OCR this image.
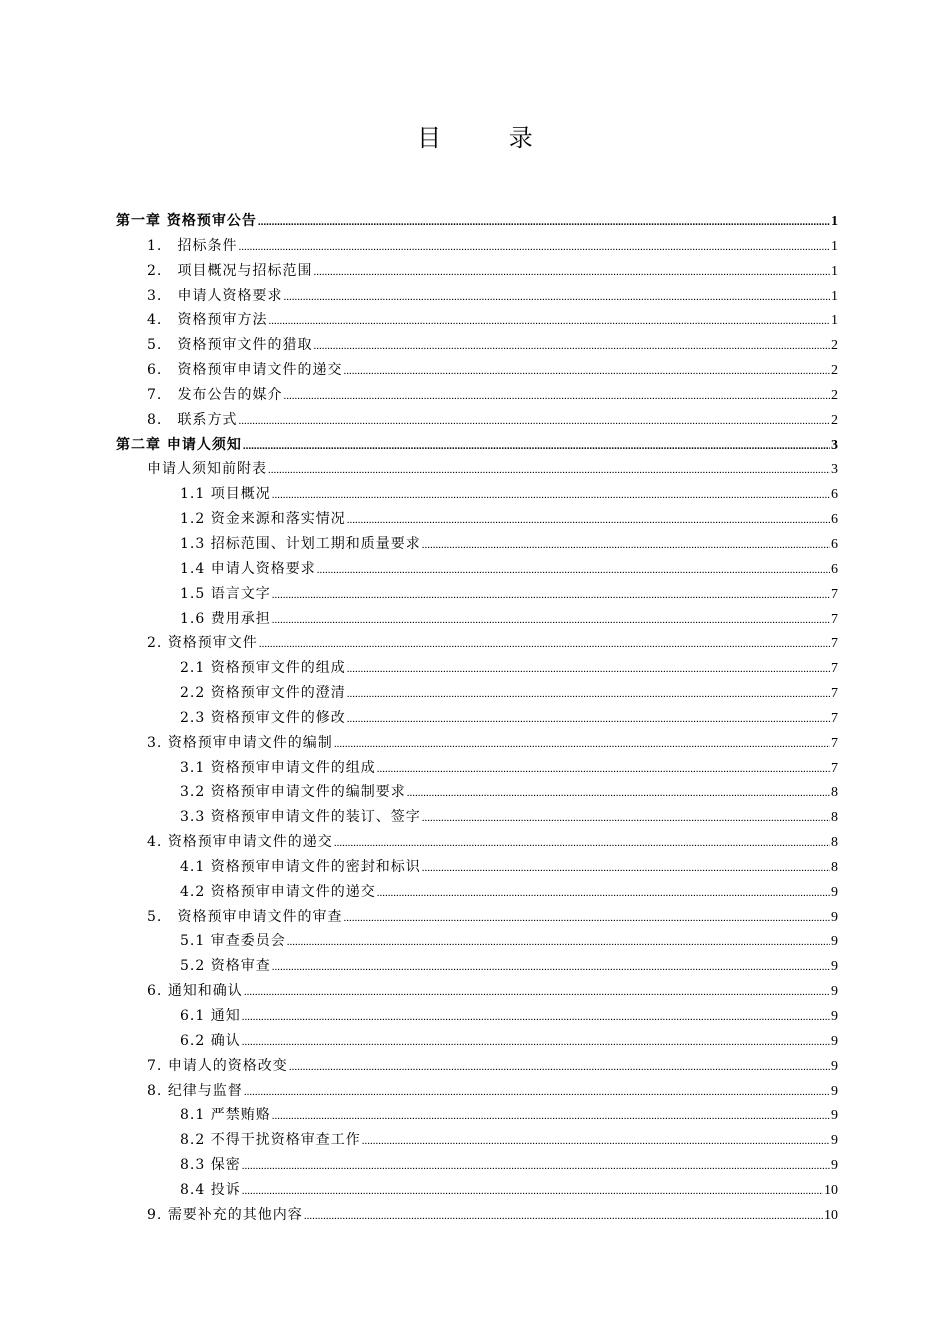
目 录
第一章 资格预审公告 .....	1
1. 招标条件 .....	1
2. 项目概况与招标范围 .....	1
3. 申请人资格要求 .....	1
4. 资格预审方法 .....	1
5. 资格预审文件的猎取 .....	2
6. 资格预审申请文件的递交 .....	2
7. 发布公告的媒介 .....	2
8. 联系方式 .....	2
第二章 申请人须知 .....	3
申请人须知前附表 .....	3
1.1 项目概况 .....	6
1.2 资金来源和落实情况 .....	6
1.3 招标范围、计划工期和质量要求 .....	6
1.4 申请人资格要求 .....	6
1.5 语言文字 .....	7
1.6 费用承担 .....	7
2. 资格预审文件 .....	7
2.1 资格预审文件的组成 .....	7
2.2 资格预审文件的澄清 .....	7
2.3 资格预审文件的修改 .....	7
3. 资格预审申请文件的编制 .....	7
3.1 资格预审申请文件的组成 .....	7
3.2 资格预审申请文件的编制要求 .....	8
3.3 资格预审申请文件的装订、签字 .....	8
4. 资格预审申请文件的递交 .....	8
4.1 资格预审申请文件的密封和标识 .....	8
4.2 资格预审申请文件的递交 .....	9
5. 资格预审申请文件的审查 .....	9
5.1 审查委员会 .....	9
5.2 资格审查 .....	9
6. 通知和确认 .....	9
6.1 通知 .....	9
6.2 确认 .....	9
7. 申请人的资格改变 .....	9
8. 纪律与监督 .....	9
8.1 严禁贿赂 .....	9
8.2 不得干扰资格审查工作 .....	9
8.3 保密 .....	9
8.4 投诉 .....	10
9. 需要补充的其他内容 .....	10
